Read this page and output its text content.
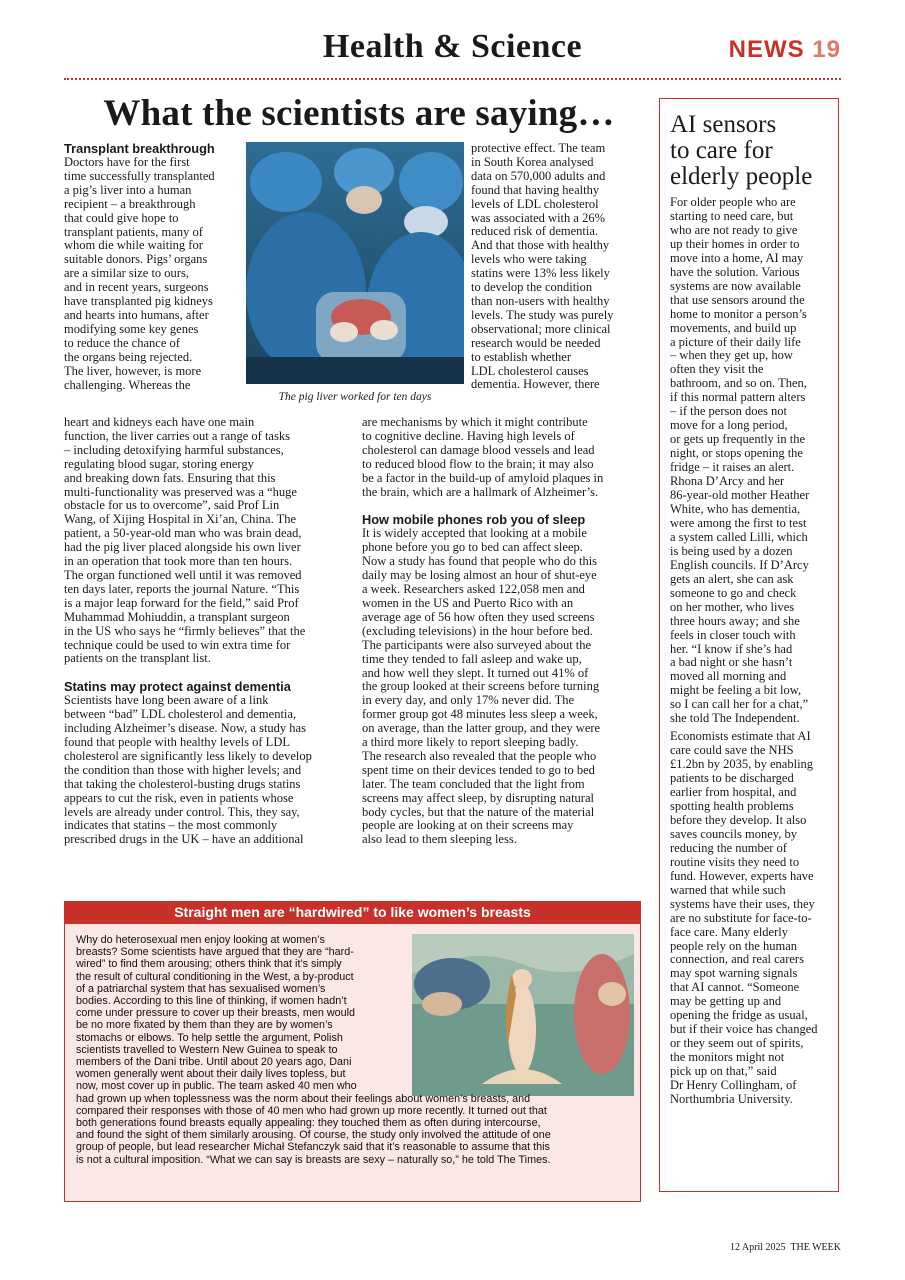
Health & Science	NEWS 19
What the scientists are saying…
Transplant breakthrough
Doctors have for the first
time successfully transplanted
a pig’s liver into a human
recipient – a breakthrough
that could give hope to
transplant patients, many of
whom die while waiting for
suitable donors. Pigs’ organs
are a similar size to ours,
and in recent years, surgeons
have transplanted pig kidneys
and hearts into humans, after
modifying some key genes
to reduce the chance of
the organs being rejected.
The liver, however, is more
challenging. Whereas the
The pig liver worked for ten days
heart and kidneys each have one main
function, the liver carries out a range of tasks
– including detoxifying harmful substances,
regulating blood sugar, storing energy
and breaking down fats. Ensuring that this
multi-functionality was preserved was a “huge
obstacle for us to overcome”, said Prof Lin
Wang, of Xijing Hospital in Xi’an, China. The
patient, a 50-year-old man who was brain dead,
had the pig liver placed alongside his own liver
in an operation that took more than ten hours.
The organ functioned well until it was removed
ten days later, reports the journal Nature. “This
is a major leap forward for the field,” said Prof
Muhammad Mohiuddin, a transplant surgeon
in the US who says he “firmly believes” that the
technique could be used to win extra time for
patients on the transplant list.
Statins may protect against dementia
Scientists have long been aware of a link
between “bad” LDL cholesterol and dementia,
including Alzheimer’s disease. Now, a study has
found that people with healthy levels of LDL
cholesterol are significantly less likely to develop
the condition than those with higher levels; and
that taking the cholesterol-busting drugs statins
appears to cut the risk, even in patients whose
levels are already under control. This, they say,
indicates that statins – the most commonly
prescribed drugs in the UK – have an additional
protective effect. The team
in South Korea analysed
data on 570,000 adults and
found that having healthy
levels of LDL cholesterol
was associated with a 26%
reduced risk of dementia.
And that those with healthy
levels who were taking
statins were 13% less likely
to develop the condition
than non-users with healthy
levels. The study was purely
observational; more clinical
research would be needed
to establish whether
LDL cholesterol causes
dementia. However, there
are mechanisms by which it might contribute
to cognitive decline. Having high levels of
cholesterol can damage blood vessels and lead
to reduced blood flow to the brain; it may also
be a factor in the build-up of amyloid plaques in
the brain, which are a hallmark of Alzheimer’s.
How mobile phones rob you of sleep
It is widely accepted that looking at a mobile
phone before you go to bed can affect sleep.
Now a study has found that people who do this
daily may be losing almost an hour of shut-eye
a week. Researchers asked 122,058 men and
women in the US and Puerto Rico with an
average age of 56 how often they used screens
(excluding televisions) in the hour before bed.
The participants were also surveyed about the
time they tended to fall asleep and wake up,
and how well they slept. It turned out 41% of
the group looked at their screens before turning
in every day, and only 17% never did. The
former group got 48 minutes less sleep a week,
on average, than the latter group, and they were
a third more likely to report sleeping badly.
The research also revealed that the people who
spent time on their devices tended to go to bed
later. The team concluded that the light from
screens may affect sleep, by disrupting natural
body cycles, but that the nature of the material
people are looking at on their screens may
also lead to them sleeping less.
AI sensors
to care for
elderly people

For older people who are
starting to need care, but
who are not ready to give
up their homes in order to
move into a home, AI may
have the solution. Various
systems are now available
that use sensors around the
home to monitor a person’s
movements, and build up
a picture of their daily life
– when they get up, how
often they visit the
bathroom, and so on. Then,
if this normal pattern alters
– if the person does not
move for a long period,
or gets up frequently in the
night, or stops opening the
fridge – it raises an alert.
Rhona D’Arcy and her
86-year-old mother Heather
White, who has dementia,
were among the first to test
a system called Lilli, which
is being used by a dozen
English councils. If D’Arcy
gets an alert, she can ask
someone to go and check
on her mother, who lives
three hours away; and she
feels in closer touch with
her. “I know if she’s had
a bad night or she hasn’t
moved all morning and
might be feeling a bit low,
so I can call her for a chat,”
she told The Independent.

Economists estimate that AI
care could save the NHS
£1.2bn by 2035, by enabling
patients to be discharged
earlier from hospital, and
spotting health problems
before they develop. It also
saves councils money, by
reducing the number of
routine visits they need to
fund. However, experts have
warned that while such
systems have their uses, they
are no substitute for face-to-
face care. Many elderly
people rely on the human
connection, and real carers
may spot warning signals
that AI cannot. “Someone
may be getting up and
opening the fridge as usual,
but if their voice has changed
or they seem out of spirits,
the monitors might not
pick up on that,” said
Dr Henry Collingham, of
Northumbria University.

Straight men are “hardwired” to like women’s breasts
Why do heterosexual men enjoy looking at women’s
breasts? Some scientists have argued that they are “hard-
wired” to find them arousing; others think that it’s simply
the result of cultural conditioning in the West, a by-product
of a patriarchal system that has sexualised women’s
bodies. According to this line of thinking, if women hadn’t
come under pressure to cover up their breasts, men would
be no more fixated by them than they are by women’s
stomachs or elbows. To help settle the argument, Polish
scientists travelled to Western New Guinea to speak to
members of the Dani tribe. Until about 20 years ago, Dani
women generally went about their daily lives topless, but
now, most cover up in public. The team asked 40 men who
had grown up when toplessness was the norm about their feelings about women’s breasts, and
compared their responses with those of 40 men who had grown up more recently. It turned out that
both generations found breasts equally appealing: they touched them as often during intercourse,
and found the sight of them similarly arousing. Of course, the study only involved the attitude of one
group of people, but lead researcher Michał Stefanczyk said that it’s reasonable to assume that this
is not a cultural imposition. “What we can say is breasts are sexy – naturally so,” he told The Times.
12 April 2025 THE WEEK
